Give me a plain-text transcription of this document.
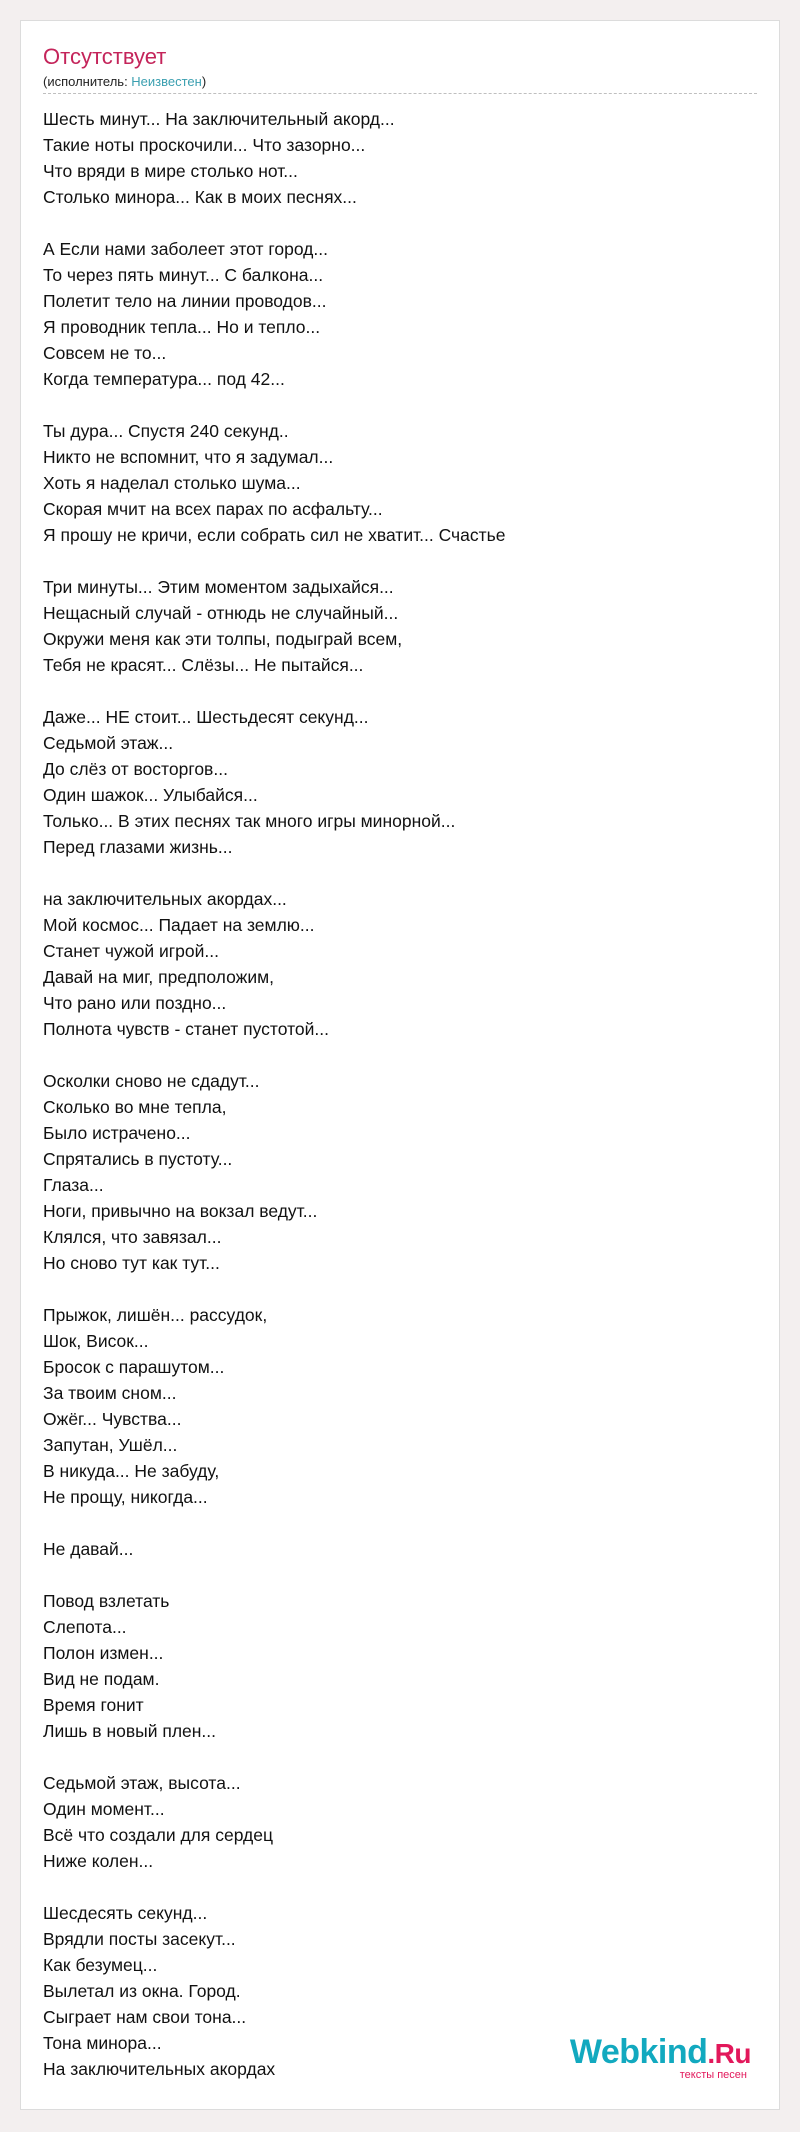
Отсутствует
(исполнитель: Неизвестен)
Шесть минут... На заключительный акорд...
Такие ноты проскочили... Что зазорно...
Что вряди в мире столько нот...
Столько минора... Как в моих песнях...
А Если нами заболеет этот город...
То через пять минут... С балкона...
Полетит тело на линии проводов...
Я проводник тепла... Но и тепло...
Совсем не то...
Когда температура... под 42...
Ты дура... Спустя 240 секунд..
Никто не вспомнит, что я задумал...
Хоть я наделал столько шума...
Скорая мчит на всех парах по асфальту...
Я прошу не кричи, если собрать сил не хватит... Счастье
Три минуты... Этим моментом задыхайся...
Нещасный случай - отнюдь не случайный...
Окружи меня как эти толпы, подыграй всем,
Тебя не красят... Слёзы... Не пытайся...
Даже... НЕ стоит... Шестьдесят секунд...
Седьмой этаж...
До слёз от восторгов...
Один шажок... Улыбайся...
Только... В этих песнях так много игры минорной...
Перед глазами жизнь...
на заключительных акордах...
Мой космос... Падает на землю...
Станет чужой игрой...
Давай на миг, предположим,
Что рано или поздно...
Полнота чувств - станет пустотой...
Осколки сново не сдадут...
Сколько во мне тепла,
Было истрачено...
Спрятались в пустоту...
Глаза...
Ноги, привычно на вокзал ведут...
Клялся, что завязал...
Но сново тут как тут...
Прыжок, лишён... рассудок,
Шок, Висок...
Бросок с парашутом...
За твоим сном...
Ожёг... Чувства...
Запутан, Ушёл...
В никуда... Не забуду,
Не прощу, никогда...
Не давай...
Повод взлетать
Слепота...
Полон измен...
Вид не подам.
Время гонит
Лишь в новый плен...
Седьмой этаж, высота...
Один момент...
Всё что создали для сердец
Ниже колен...
Шесдесять секунд...
Врядли посты засекут...
Как безумец...
Вылетал из окна. Город.
Сыграет нам свои тона...
Тона минора...
На заключительных акордах	Webkind.Ru
тексты песен
